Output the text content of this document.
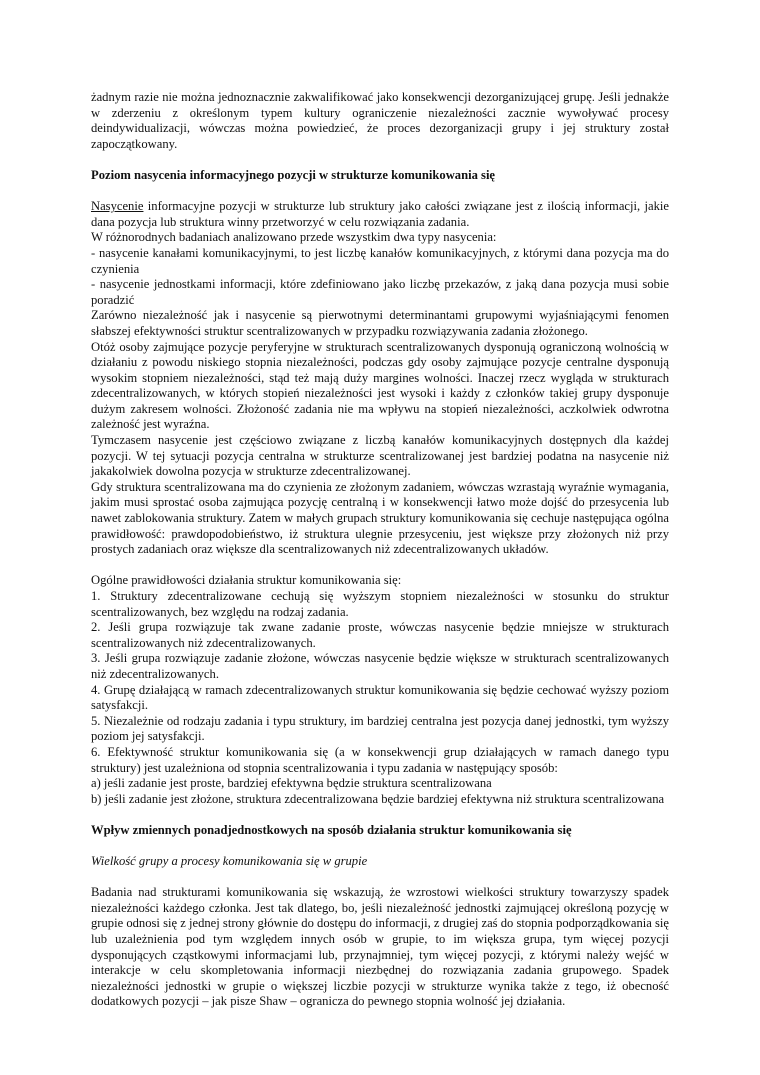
żadnym razie nie można jednoznacznie zakwalifikować jako konsekwencji dezorganizującej grupę. Jeśli jednakże w zderzeniu z określonym typem kultury ograniczenie niezależności zacznie wywoływać procesy deindywidualizacji, wówczas można powiedzieć, że proces dezorganizacji grupy i jej struktury został zapoczątkowany.

Poziom nasycenia informacyjnego pozycji w strukturze komunikowania się

Nasycenie informacyjne pozycji w strukturze lub struktury jako całości związane jest z ilością informacji, jakie dana pozycja lub struktura winny przetworzyć w celu rozwiązania zadania.

W różnorodnych badaniach analizowano przede wszystkim dwa typy nasycenia:

- nasycenie kanałami komunikacyjnymi, to jest liczbę kanałów komunikacyjnych, z którymi dana pozycja ma do czynienia

- nasycenie jednostkami informacji, które zdefiniowano jako liczbę przekazów, z jaką dana pozycja musi sobie poradzić

Zarówno niezależność jak i nasycenie są pierwotnymi determinantami grupowymi wyjaśniającymi fenomen słabszej efektywności struktur scentralizowanych w przypadku rozwiązywania zadania złożonego.

Otóż osoby zajmujące pozycje peryferyjne w strukturach scentralizowanych dysponują ograniczoną wolnością w działaniu z powodu niskiego stopnia niezależności, podczas gdy osoby zajmujące pozycje centralne dysponują wysokim stopniem niezależności, stąd też mają duży margines wolności. Inaczej rzecz wygląda w strukturach zdecentralizowanych, w których stopień niezależności jest wysoki i każdy z członków takiej grupy dysponuje dużym zakresem wolności. Złożoność zadania nie ma wpływu na stopień niezależności, aczkolwiek odwrotna zależność jest wyraźna.

Tymczasem nasycenie jest częściowo związane z liczbą kanałów komunikacyjnych dostępnych dla każdej pozycji. W tej sytuacji pozycja centralna w strukturze scentralizowanej jest bardziej podatna na nasycenie niż jakakolwiek dowolna pozycja w strukturze zdecentralizowanej.

Gdy struktura scentralizowana ma do czynienia ze złożonym zadaniem, wówczas wzrastają wyraźnie wymagania, jakim musi sprostać osoba zajmująca pozycję centralną i w konsekwencji łatwo może dojść do przesycenia lub nawet zablokowania struktury. Zatem w małych grupach struktury komunikowania się cechuje następująca ogólna prawidłowość: prawdopodobieństwo, iż struktura ulegnie przesyceniu, jest większe przy złożonych niż przy prostych zadaniach oraz większe dla scentralizowanych niż zdecentralizowanych układów.

Ogólne prawidłowości działania struktur komunikowania się:

1. Struktury zdecentralizowane cechują się wyższym stopniem niezależności w stosunku do struktur scentralizowanych, bez względu na rodzaj zadania.

2. Jeśli grupa rozwiązuje tak zwane zadanie proste, wówczas nasycenie będzie mniejsze w strukturach scentralizowanych niż zdecentralizowanych.

3. Jeśli grupa rozwiązuje zadanie złożone, wówczas nasycenie będzie większe w strukturach scentralizowanych niż zdecentralizowanych.

4. Grupę działającą w ramach zdecentralizowanych struktur komunikowania się będzie cechować wyższy poziom satysfakcji.

5. Niezależnie od rodzaju zadania i typu struktury, im bardziej centralna jest pozycja danej jednostki, tym wyższy poziom jej satysfakcji.

6. Efektywność struktur komunikowania się (a w konsekwencji grup działających w ramach danego typu struktury) jest uzależniona od stopnia scentralizowania i typu zadania w następujący sposób:

a) jeśli zadanie jest proste, bardziej efektywna będzie struktura scentralizowana

b) jeśli zadanie jest złożone, struktura zdecentralizowana będzie bardziej efektywna niż struktura scentralizowana

Wpływ zmiennych ponadjednostkowych na sposób działania struktur komunikowania się

Wielkość grupy a procesy komunikowania się w grupie

Badania nad strukturami komunikowania się wskazują, że wzrostowi wielkości struktury towarzyszy spadek niezależności każdego członka. Jest tak dlatego, bo, jeśli niezależność jednostki zajmującej określoną pozycję w grupie odnosi się z jednej strony głównie do dostępu do informacji, z drugiej zaś do stopnia podporządkowania się lub uzależnienia pod tym względem innych osób w grupie, to im większa grupa, tym więcej pozycji dysponujących cząstkowymi informacjami lub, przynajmniej, tym więcej pozycji, z którymi należy wejść w interakcje w celu skompletowania informacji niezbędnej do rozwiązania zadania grupowego. Spadek niezależności jednostki w grupie o większej liczbie pozycji w strukturze wynika także z tego, iż obecność dodatkowych pozycji – jak pisze Shaw – ogranicza do pewnego stopnia wolność jej działania.
